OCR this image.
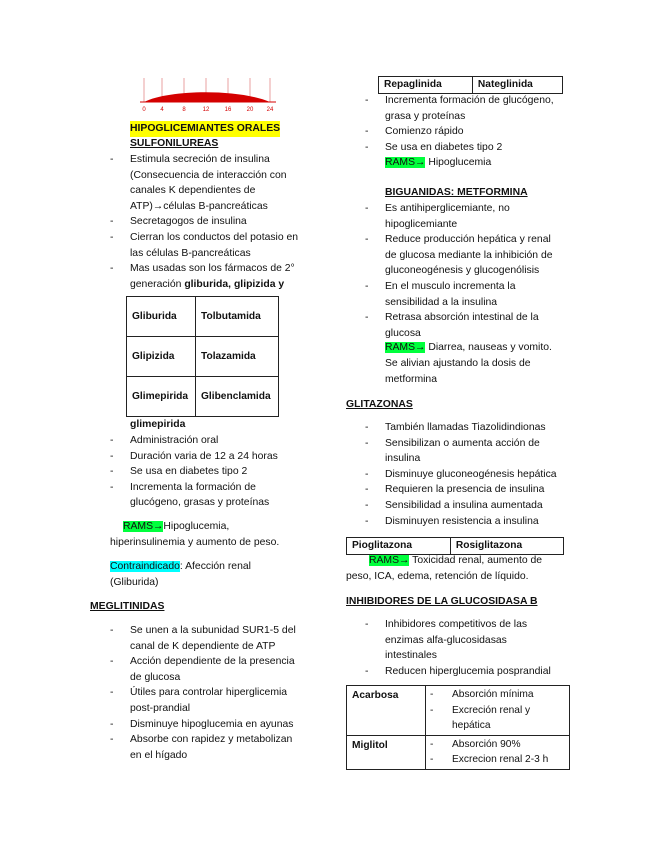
0 4	8	12	16	20 24
HIPOGLICEMIANTES ORALES
SULFONILUREAS
- Estimula secreción de insulina
(Consecuencia de interacción con
canales K dependientes de
ATP)→células B-pancreáticas
- Secretagogos de insulina
- Cierran los conductos del potasio en
las células B-pancreáticas
- Mas usadas son los fármacos de 2°
generación gliburida, glipizida y
Gliburida	Tolbutamida
Glipizida	Tolazamida
Glimepirida	Glibenclamida
glimepirida
- Administración oral
- Duración varia de 12 a 24 horas
- Se usa en diabetes tipo 2
- Incrementa la formación de
glucógeno, grasas y proteínas
RAMS→Hipoglucemia,
hiperinsulinemia y aumento de peso.
Contraindicado: Afección renal
(Gliburida)
MEGLITINIDAS
- Se unen a la subunidad SUR1-5 del
canal de K dependiente de ATP
- Acción dependiente de la presencia
de glucosa
- Útiles para controlar hiperglicemia
post-prandial
- Disminuye hipoglucemia en ayunas
- Absorbe con rapidez y metabolizan
en el hígado
Repaglinida	Nateglinida
- Incrementa formación de glucógeno,
grasa y proteínas
- Comienzo rápido
- Se usa en diabetes tipo 2
RAMS→ Hipoglucemia
BIGUANIDAS: METFORMINA
- Es antihiperglicemiante, no
hipoglicemiante
- Reduce producción hepática y renal
de glucosa mediante la inhibición de
gluconeogénesis y glucogenólisis
- En el musculo incrementa la
sensibilidad a la insulina
- Retrasa absorción intestinal de la
glucosa
RAMS→ Diarrea, nauseas y vomito.
Se alivian ajustando la dosis de
metformina
GLITAZONAS
- También llamadas Tiazolidindionas
- Sensibilizan o aumenta acción de
insulina
- Disminuye gluconeogénesis hepática
- Requieren la presencia de insulina
- Sensibilidad a insulina aumentada
- Disminuyen resistencia a insulina
Pioglitazona	Rosiglitazona
RAMS→ Toxicidad renal, aumento de
peso, ICA, edema, retención de líquido.
INHIBIDORES DE LA GLUCOSIDASA B
- Inhibidores competitivos de las
enzimas alfa-glucosidasas
intestinales
- Reducen hiperglucemia posprandial
Acarbosa	- Absorción mínima
- Excreción renal y
hepática

Miglitol	- Absorción 90%
- Excrecion renal 2-3 h
